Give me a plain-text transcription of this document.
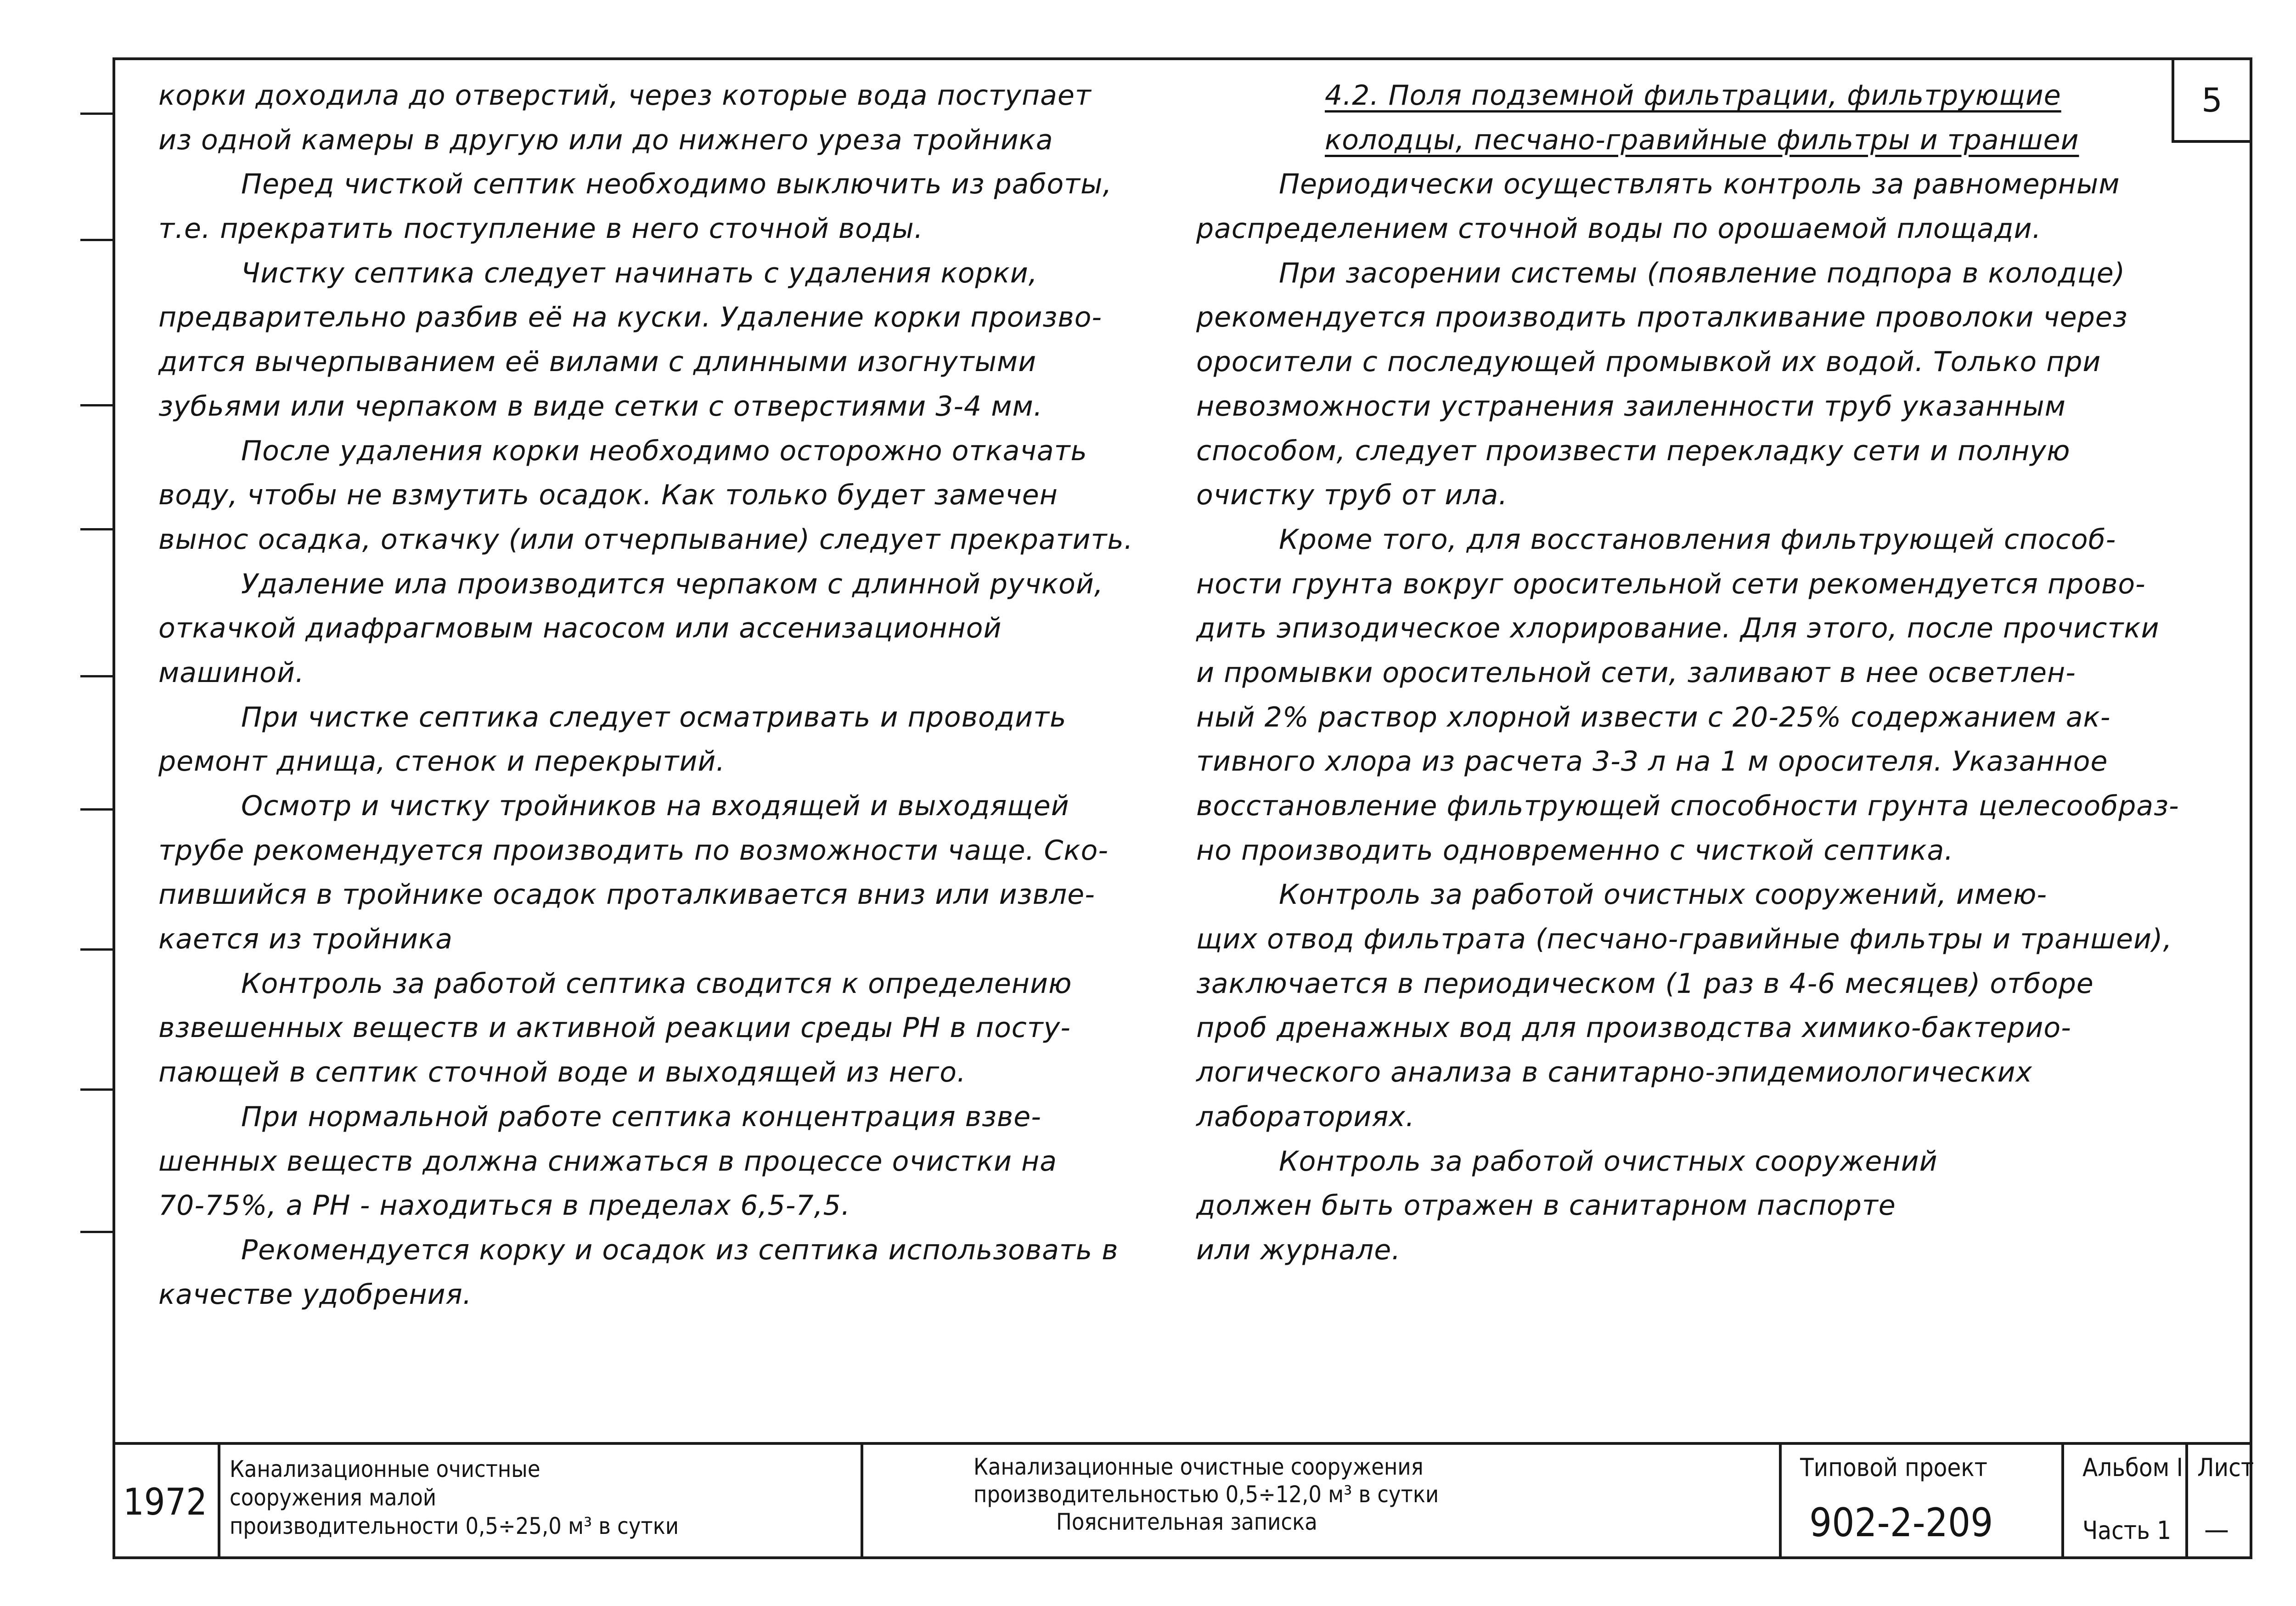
5
корки доходила до отверстий, через которые вода поступает
из одной камеры в другую или до нижнего уреза тройника
Перед чисткой септик необходимо выключить из работы,
т.е. прекратить поступление в него сточной воды.
Чистку септика следует начинать с удаления корки,
предварительно разбив её на куски. Удаление корки произво-
дится вычерпыванием её вилами с длинными изогнутыми
зубьями или черпаком в виде сетки с отверстиями 3-4 мм.
После удаления корки необходимо осторожно откачать
воду, чтобы не взмутить осадок. Как только будет замечен
вынос осадка, откачку (или отчерпывание) следует прекратить.
Удаление ила производится черпаком с длинной ручкой,
откачкой диафрагмовым насосом или ассенизационной
машиной.
При чистке септика следует осматривать и проводить
ремонт днища, стенок и перекрытий.
Осмотр и чистку тройников на входящей и выходящей
трубе рекомендуется производить по возможности чаще. Ско-
пившийся в тройнике осадок проталкивается вниз или извле-
кается из тройника
Контроль за работой септика сводится к определению
взвешенных веществ и активной реакции среды РН в посту-
пающей в септик сточной воде и выходящей из него.
При нормальной работе септика концентрация взве-
шенных веществ должна снижаться в процессе очистки на
70-75%, а РН - находиться в пределах 6,5-7,5.
Рекомендуется корку и осадок из септика использовать в
качестве удобрения.
4.2. Поля подземной фильтрации, фильтрующие
колодцы, песчано-гравийные фильтры и траншеи
Периодически осуществлять контроль за равномерным
распределением сточной воды по орошаемой площади.
При засорении системы (появление подпора в колодце)
рекомендуется производить проталкивание проволоки через
оросители с последующей промывкой их водой. Только при
невозможности устранения заиленности труб указанным
способом, следует произвести перекладку сети и полную
очистку труб от ила.
Кроме того, для восстановления фильтрующей способ-
ности грунта вокруг оросительной сети рекомендуется прово-
дить эпизодическое хлорирование. Для этого, после прочистки
и промывки оросительной сети, заливают в нее осветлен-
ный 2% раствор хлорной извести с 20-25% содержанием ак-
тивного хлора из расчета 3-3 л на 1 м оросителя. Указанное
восстановление фильтрующей способности грунта целесообраз-
но производить одновременно с чисткой септика.
Контроль за работой очистных сооружений, имею-
щих отвод фильтрата (песчано-гравийные фильтры и траншеи),
заключается в периодическом (1 раз в 4-6 месяцев) отборе
проб дренажных вод для производства химико-бактерио-
логического анализа в санитарно-эпидемиологических
лабораториях.
Контроль за работой очистных сооружений
должен быть отражен в санитарном паспорте
или журнале.
1972
Канализационные очистные
сооружения малой
производительности 0,5÷25,0 м³ в сутки
Канализационные очистные сооружения
производительностью 0,5÷12,0 м³ в сутки
Пояснительная записка
Типовой проект
902-2-209
Альбом I
Часть 1
Лист
—
